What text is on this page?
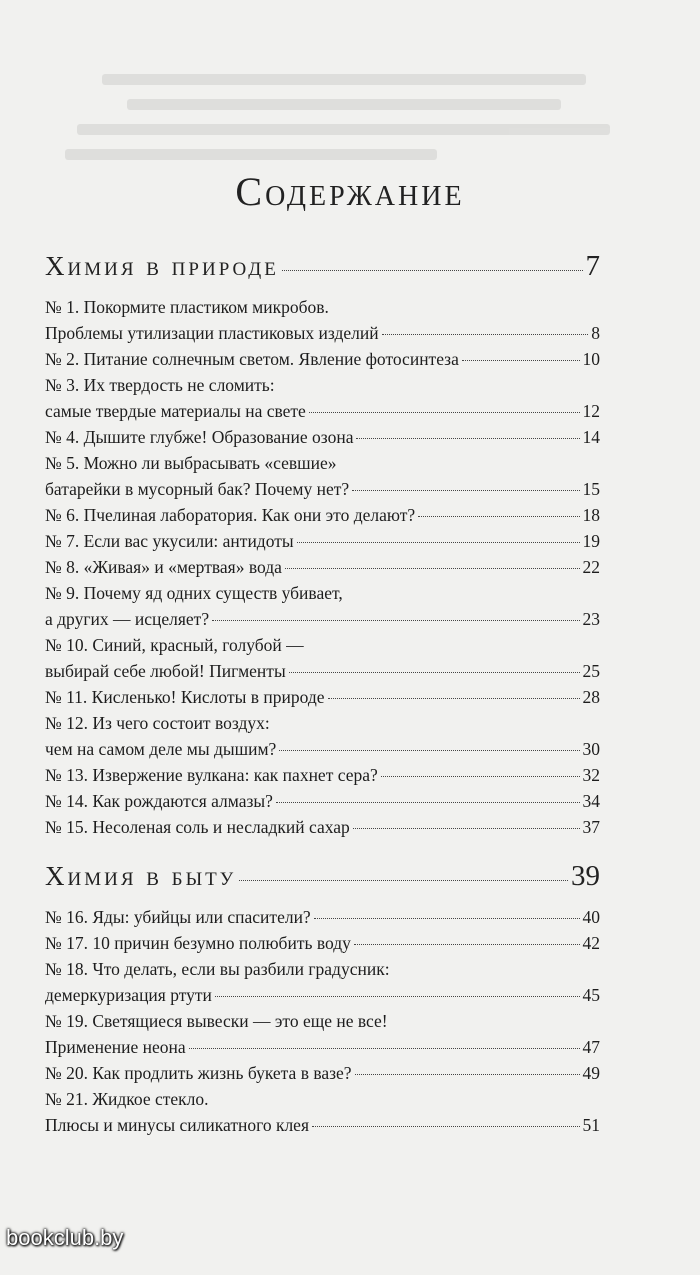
Содержание
Химия в природе	7
№ 1. Покормите пластиком микробов.
Проблемы утилизации пластиковых изделий	8
№ 2. Питание солнечным светом. Явление фотосинтеза	10
№ 3. Их твердость не сломить:
самые твердые материалы на свете	12
№ 4. Дышите глубже! Образование озона	14
№ 5. Можно ли выбрасывать «севшие»
батарейки в мусорный бак? Почему нет?	15
№ 6. Пчелиная лаборатория. Как они это делают?	18
№ 7. Если вас укусили: антидоты	19
№ 8. «Живая» и «мертвая» вода	22
№ 9. Почему яд одних существ убивает,
а других — исцеляет?	23
№ 10. Синий, красный, голубой —
выбирай себе любой! Пигменты	25
№ 11. Кисленько! Кислоты в природе	28
№ 12. Из чего состоит воздух:
чем на самом деле мы дышим?	30
№ 13. Извержение вулкана: как пахнет сера?	32
№ 14. Как рождаются алмазы?	34
№ 15. Несоленая соль и несладкий сахар	37
Химия в быту	39
№ 16. Яды: убийцы или спасители?	40
№ 17. 10 причин безумно полюбить воду	42
№ 18. Что делать, если вы разбили градусник:
демеркуризация ртути	45
№ 19. Светящиеся вывески — это еще не все!
Применение неона	47
№ 20. Как продлить жизнь букета в вазе?	49
№ 21. Жидкое стекло.
Плюсы и минусы силикатного клея	51
bookclub.by
